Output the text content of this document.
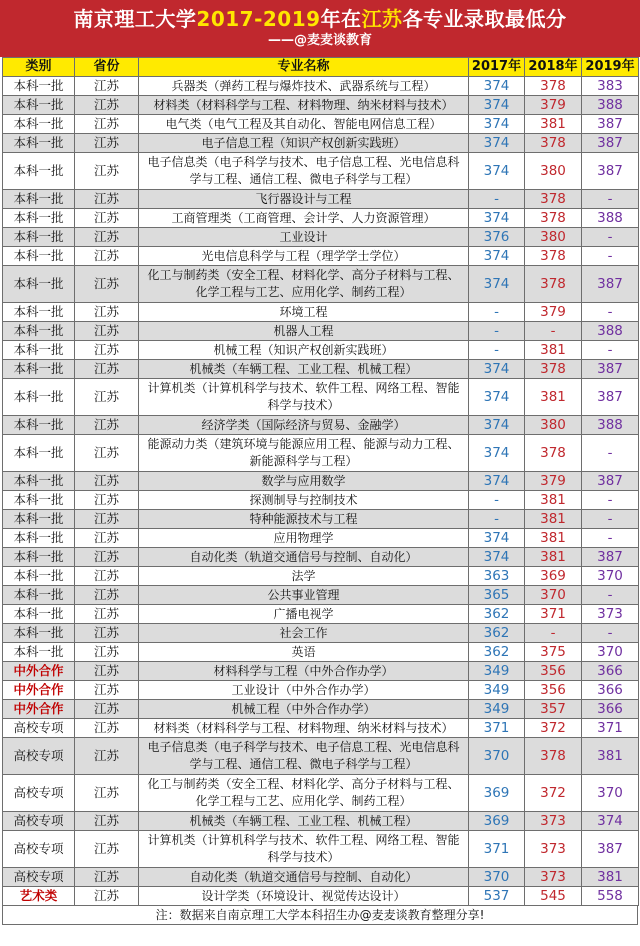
南京理工大学2017-2019年在江苏各专业录取最低分
——@麦麦谈教育
类别	省份	专业名称	2017年	2018年	2019年
本科一批	江苏	兵器类（弹药工程与爆炸技术、武器系统与工程）	374	378	383
本科一批	江苏	材料类（材料科学与工程、材料物理、纳米材料与技术）	374	379	388
本科一批	江苏	电气类（电气工程及其自动化、智能电网信息工程）	374	381	387
本科一批	江苏	电子信息工程（知识产权创新实践班）	374	378	387
本科一批	江苏	电子信息类（电子科学与技术、电子信息工程、光电信息科学与工程、通信工程、微电子科学与工程）	374	380	387
本科一批	江苏	飞行器设计与工程	-	378	-
本科一批	江苏	工商管理类（工商管理、会计学、人力资源管理）	374	378	388
本科一批	江苏	工业设计	376	380	-
本科一批	江苏	光电信息科学与工程（理学学士学位）	374	378	-
本科一批	江苏	化工与制药类（安全工程、材料化学、高分子材料与工程、化学工程与工艺、应用化学、制药工程）	374	378	387
本科一批	江苏	环境工程	-	379	-
本科一批	江苏	机器人工程	-	-	388
本科一批	江苏	机械工程（知识产权创新实践班）	-	381	-
本科一批	江苏	机械类（车辆工程、工业工程、机械工程）	374	378	387
本科一批	江苏	计算机类（计算机科学与技术、软件工程、网络工程、智能科学与技术）	374	381	387
本科一批	江苏	经济学类（国际经济与贸易、金融学）	374	380	388
本科一批	江苏	能源动力类（建筑环境与能源应用工程、能源与动力工程、新能源科学与工程）	374	378	-
本科一批	江苏	数学与应用数学	374	379	387
本科一批	江苏	探测制导与控制技术	-	381	-
本科一批	江苏	特种能源技术与工程	-	381	-
本科一批	江苏	应用物理学	374	381	-
本科一批	江苏	自动化类（轨道交通信号与控制、自动化）	374	381	387
本科一批	江苏	法学	363	369	370
本科一批	江苏	公共事业管理	365	370	-
本科一批	江苏	广播电视学	362	371	373
本科一批	江苏	社会工作	362	-	-
本科一批	江苏	英语	362	375	370
中外合作	江苏	材料科学与工程（中外合作办学）	349	356	366
中外合作	江苏	工业设计（中外合作办学）	349	356	366
中外合作	江苏	机械工程（中外合作办学）	349	357	366
高校专项	江苏	材料类（材料科学与工程、材料物理、纳米材料与技术）	371	372	371
高校专项	江苏	电子信息类（电子科学与技术、电子信息工程、光电信息科学与工程、通信工程、微电子科学与工程）	370	378	381
高校专项	江苏	化工与制药类（安全工程、材料化学、高分子材料与工程、化学工程与工艺、应用化学、制药工程）	369	372	370
高校专项	江苏	机械类（车辆工程、工业工程、机械工程）	369	373	374
高校专项	江苏	计算机类（计算机科学与技术、软件工程、网络工程、智能科学与技术）	371	373	387
高校专项	江苏	自动化类（轨道交通信号与控制、自动化）	370	373	381
艺术类	江苏	设计学类（环境设计、视觉传达设计）	537	545	558
注：数据来自南京理工大学本科招生办@麦麦谈教育整理分享!
